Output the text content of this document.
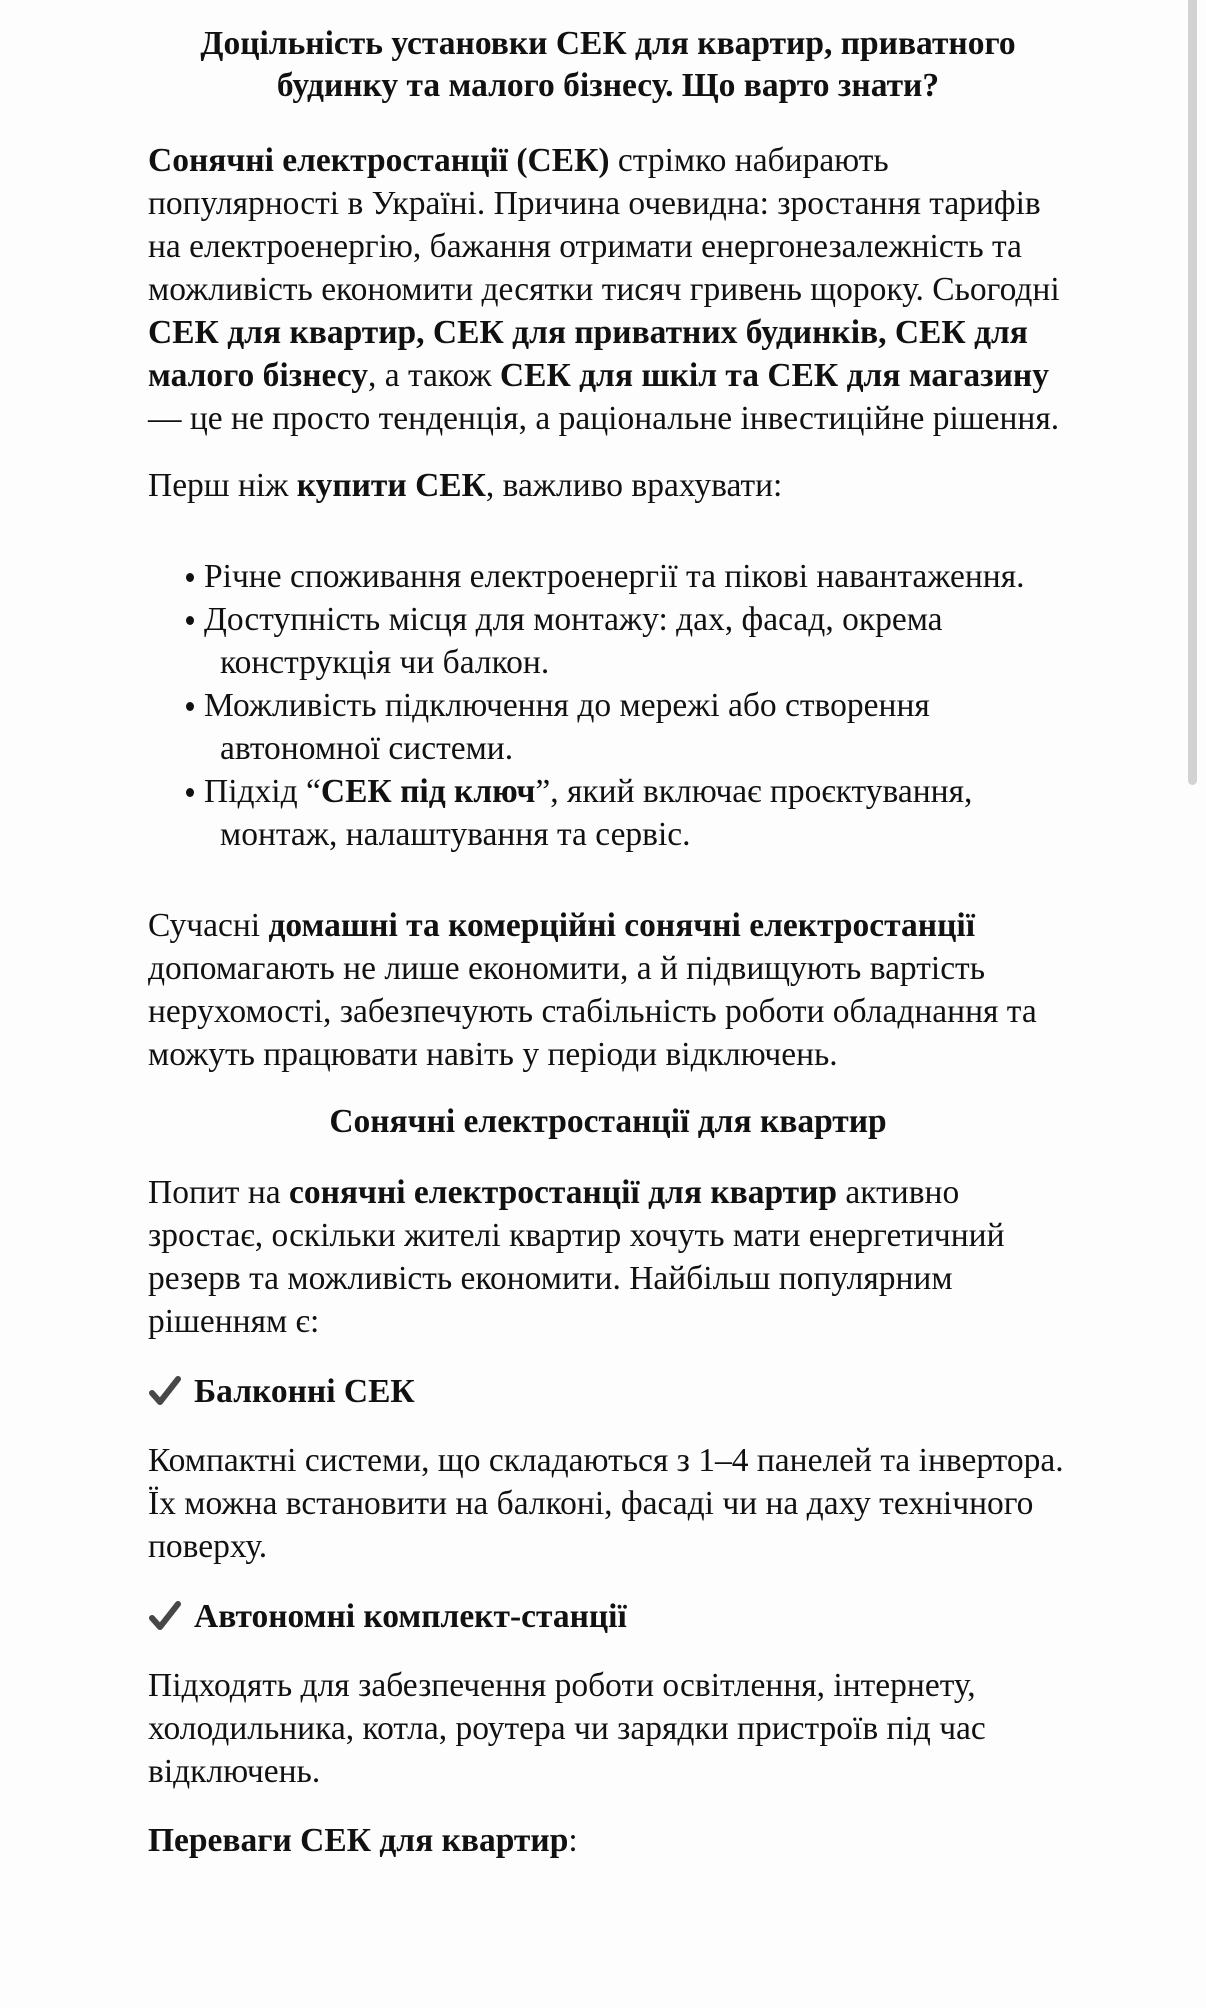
Доцільність установки СЕК для квартир, приватного будинку та малого бізнесу. Що варто знати?

Сонячні електростанції (СЕК) стрімко набирають популярності в Україні. Причина очевидна: зростання тарифів на електроенергію, бажання отримати енергонезалежність та можливість економити десятки тисяч гривень щороку. Сьогодні СЕК для квартир, СЕК для приватних будинків, СЕК для малого бізнесу, а також СЕК для шкіл та СЕК для магазину — це не просто тенденція, а раціональне інвестиційне рішення.

Перш ніж купити СЕК, важливо врахувати:

Річне споживання електроенергії та пікові навантаження.
Доступність місця для монтажу: дах, фасад, окрема конструкція чи балкон.
Можливість підключення до мережі або створення автономної системи.
Підхід “СЕК під ключ”, який включає проєктування, монтаж, налаштування та сервіс.

Сучасні домашні та комерційні сонячні електростанції допомагають не лише економити, а й підвищують вартість нерухомості, забезпечують стабільність роботи обладнання та можуть працювати навіть у періоди відключень.

Сонячні електростанції для квартир

Попит на сонячні електростанції для квартир активно зростає, оскільки жителі квартир хочуть мати енергетичний резерв та можливість економити. Найбільш популярним рішенням є:

Балконні СЕК

Компактні системи, що складаються з 1–4 панелей та інвертора. Їх можна встановити на балконі, фасаді чи на даху технічного поверху.

Автономні комплект-станції

Підходять для забезпечення роботи освітлення, інтернету, холодильника, котла, роутера чи зарядки пристроїв під час відключень.

Переваги СЕК для квартир:
